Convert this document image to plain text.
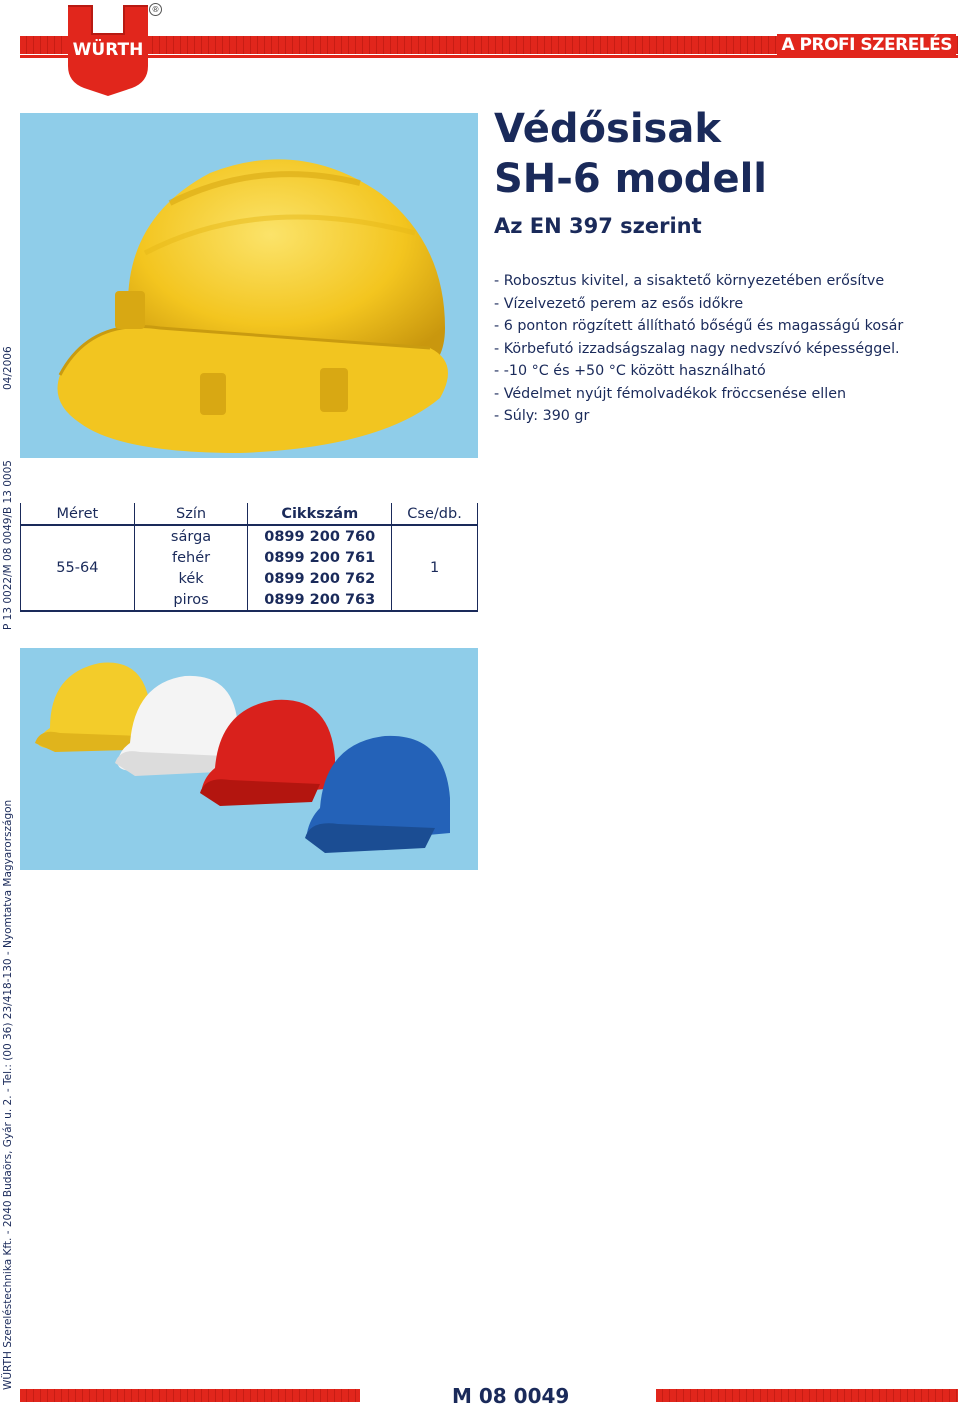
WÜRTH
®
A PROFI SZERELÉS
WÜRTH Szereléstechnika Kft. - 2040 Budaörs, Gyár u. 2. - Tel.: (00 36) 23/418-130 - Nyomtatva Magyarországon
P 13 0022/M 08 0049/B 13 0005
04/2006
Védősisak
SH-6 modell
Az EN 397 szerint
- Robosztus kivitel, a sisaktető környezetében erősítve
- Vízelvezető perem az esős időkre
- 6 ponton rögzített állítható bőségű és magasságú kosár
- Körbefutó izzadságszalag nagy nedvszívó képességgel.
- -10 °C és +50 °C között használható
- Védelmet nyújt fémolvadékok fröccsenése ellen
- Súly: 390 gr
Méret	Szín	Cikkszám	Cse/db.
55-64	sárga	0899 200 760	1
	fehér	0899 200 761	
	kék	0899 200 762	
	piros	0899 200 763	
M 08 0049
